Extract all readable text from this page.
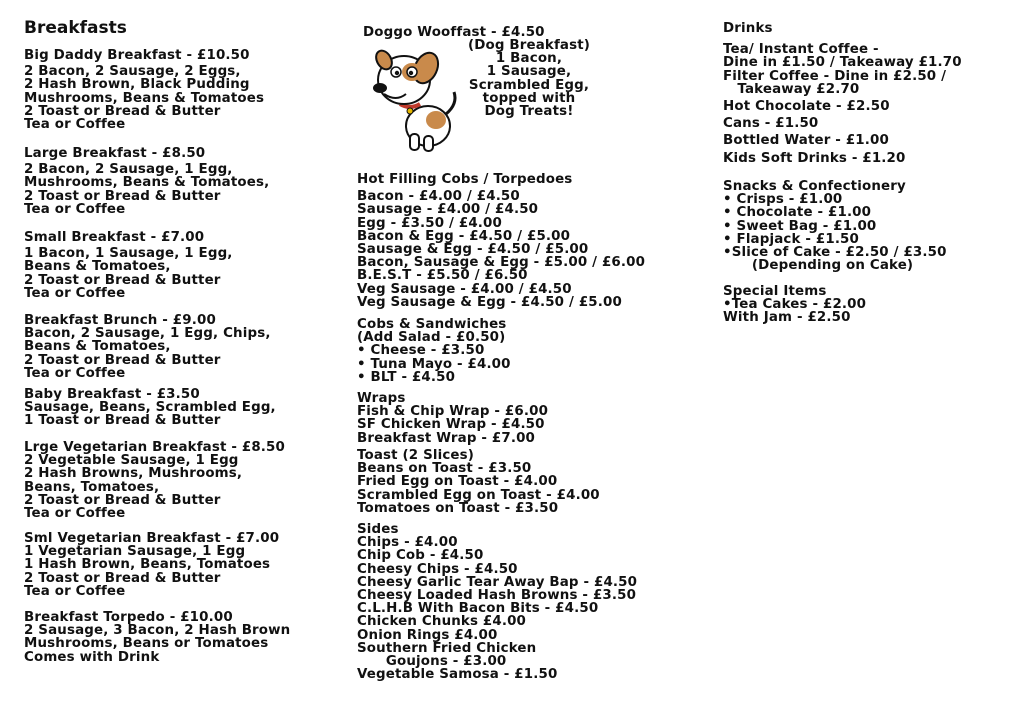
Breakfasts
Big Daddy Breakfast - £10.50
2 Bacon, 2 Sausage, 2 Eggs,
2 Hash Brown, Black Pudding
Mushrooms, Beans & Tomatoes
2 Toast or Bread & Butter
Tea or Coffee
Large Breakfast - £8.50
2 Bacon, 2 Sausage, 1 Egg,
Mushrooms, Beans & Tomatoes,
2 Toast or Bread & Butter
Tea or Coffee
Small Breakfast - £7.00
1 Bacon, 1 Sausage, 1 Egg,
Beans & Tomatoes,
2 Toast or Bread & Butter
Tea or Coffee
Breakfast Brunch - £9.00
Bacon, 2 Sausage, 1 Egg, Chips,
Beans & Tomatoes,
2 Toast or Bread & Butter
Tea or Coffee
Baby Breakfast - £3.50
Sausage, Beans, Scrambled Egg,
1 Toast or Bread & Butter
Lrge Vegetarian Breakfast - £8.50
2 Vegetable Sausage, 1 Egg
2 Hash Browns, Mushrooms,
Beans, Tomatoes,
2 Toast or Bread & Butter
Tea or Coffee
Sml Vegetarian Breakfast - £7.00
1 Vegetarian Sausage, 1 Egg
1 Hash Brown, Beans, Tomatoes
2 Toast or Bread & Butter
Tea or Coffee
Breakfast Torpedo - £10.00
2 Sausage, 3 Bacon, 2 Hash Brown
Mushrooms, Beans or Tomatoes
Comes with Drink
Doggo Wooffast - £4.50
(Dog Breakfast)
1 Bacon,
1 Sausage,
Scrambled Egg,
topped with
Dog Treats!
Hot Filling Cobs / Torpedoes
Bacon - £4.00 / £4.50
Sausage - £4.00 / £4.50
Egg - £3.50 / £4.00
Bacon & Egg - £4.50 / £5.00
Sausage & Egg - £4.50 / £5.00
Bacon, Sausage & Egg - £5.00 / £6.00
B.E.S.T - £5.50 / £6.50
Veg Sausage - £4.00 / £4.50
Veg Sausage & Egg - £4.50 / £5.00
Cobs & Sandwiches
(Add Salad - £0.50)
• Cheese - £3.50
• Tuna Mayo - £4.00
• BLT - £4.50
Wraps
Fish & Chip Wrap - £6.00
SF Chicken Wrap - £4.50
Breakfast Wrap - £7.00
Toast (2 Slices)
Beans on Toast - £3.50
Fried Egg on Toast - £4.00
Scrambled Egg on Toast - £4.00
Tomatoes on Toast - £3.50
Sides
Chips - £4.00
Chip Cob - £4.50
Cheesy Chips - £4.50
Cheesy Garlic Tear Away Bap - £4.50
Cheesy Loaded Hash Browns - £3.50
C.L.H.B With Bacon Bits - £4.50
Chicken Chunks £4.00
Onion Rings £4.00
Southern Fried Chicken
Goujons - £3.00
Vegetable Samosa - £1.50
Drinks
Tea/ Instant Coffee -
Dine in £1.50 / Takeaway £1.70
Filter Coffee - Dine in £2.50 /
Takeaway £2.70
Hot Chocolate - £2.50
Cans - £1.50
Bottled Water - £1.00
Kids Soft Drinks - £1.20
Snacks & Confectionery
• Crisps - £1.00
• Chocolate - £1.00
• Sweet Bag - £1.00
• Flapjack - £1.50
•Slice of Cake - £2.50 / £3.50
(Depending on Cake)
Special Items
•Tea Cakes - £2.00
With Jam - £2.50
